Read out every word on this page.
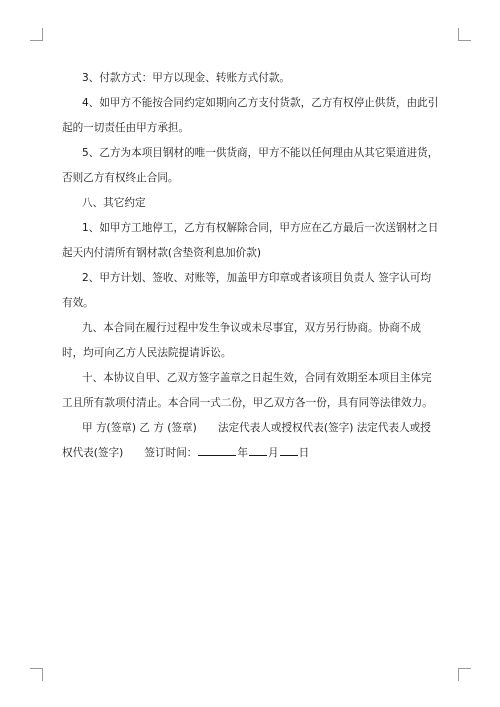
3、付款方式：甲方以现金、转账方式付款。

4、如甲方不能按合同约定如期向乙方支付货款，乙方有权停止供货，由此引起的一切责任由甲方承担。

5、乙方为本项目钢材的唯一供货商，甲方不能以任何理由从其它渠道进货，否则乙方有权终止合同。

八、其它约定

1、如甲方工地停工，乙方有权解除合同，甲方应在乙方最后一次送钢材之日起天内付清所有钢材款(含垫资利息加价款)

2、甲方计划、签收、对账等，加盖甲方印章或者该项目负责人 签字认可均有效。

九、本合同在履行过程中发生争议或未尽事宜，双方另行协商。协商不成时，均可向乙方人民法院提请诉讼。

十、本协议自甲、乙双方签字盖章之日起生效，合同有效期至本项目主体完工且所有款项付清止。本合同一式二份，甲乙双方各一份，具有同等法律效力。

甲 方(签章) 乙 方 (签章)　　法定代表人或授权代表(签字) 法定代表人或授权代表(签字)　　签订时间：	年 月 日
